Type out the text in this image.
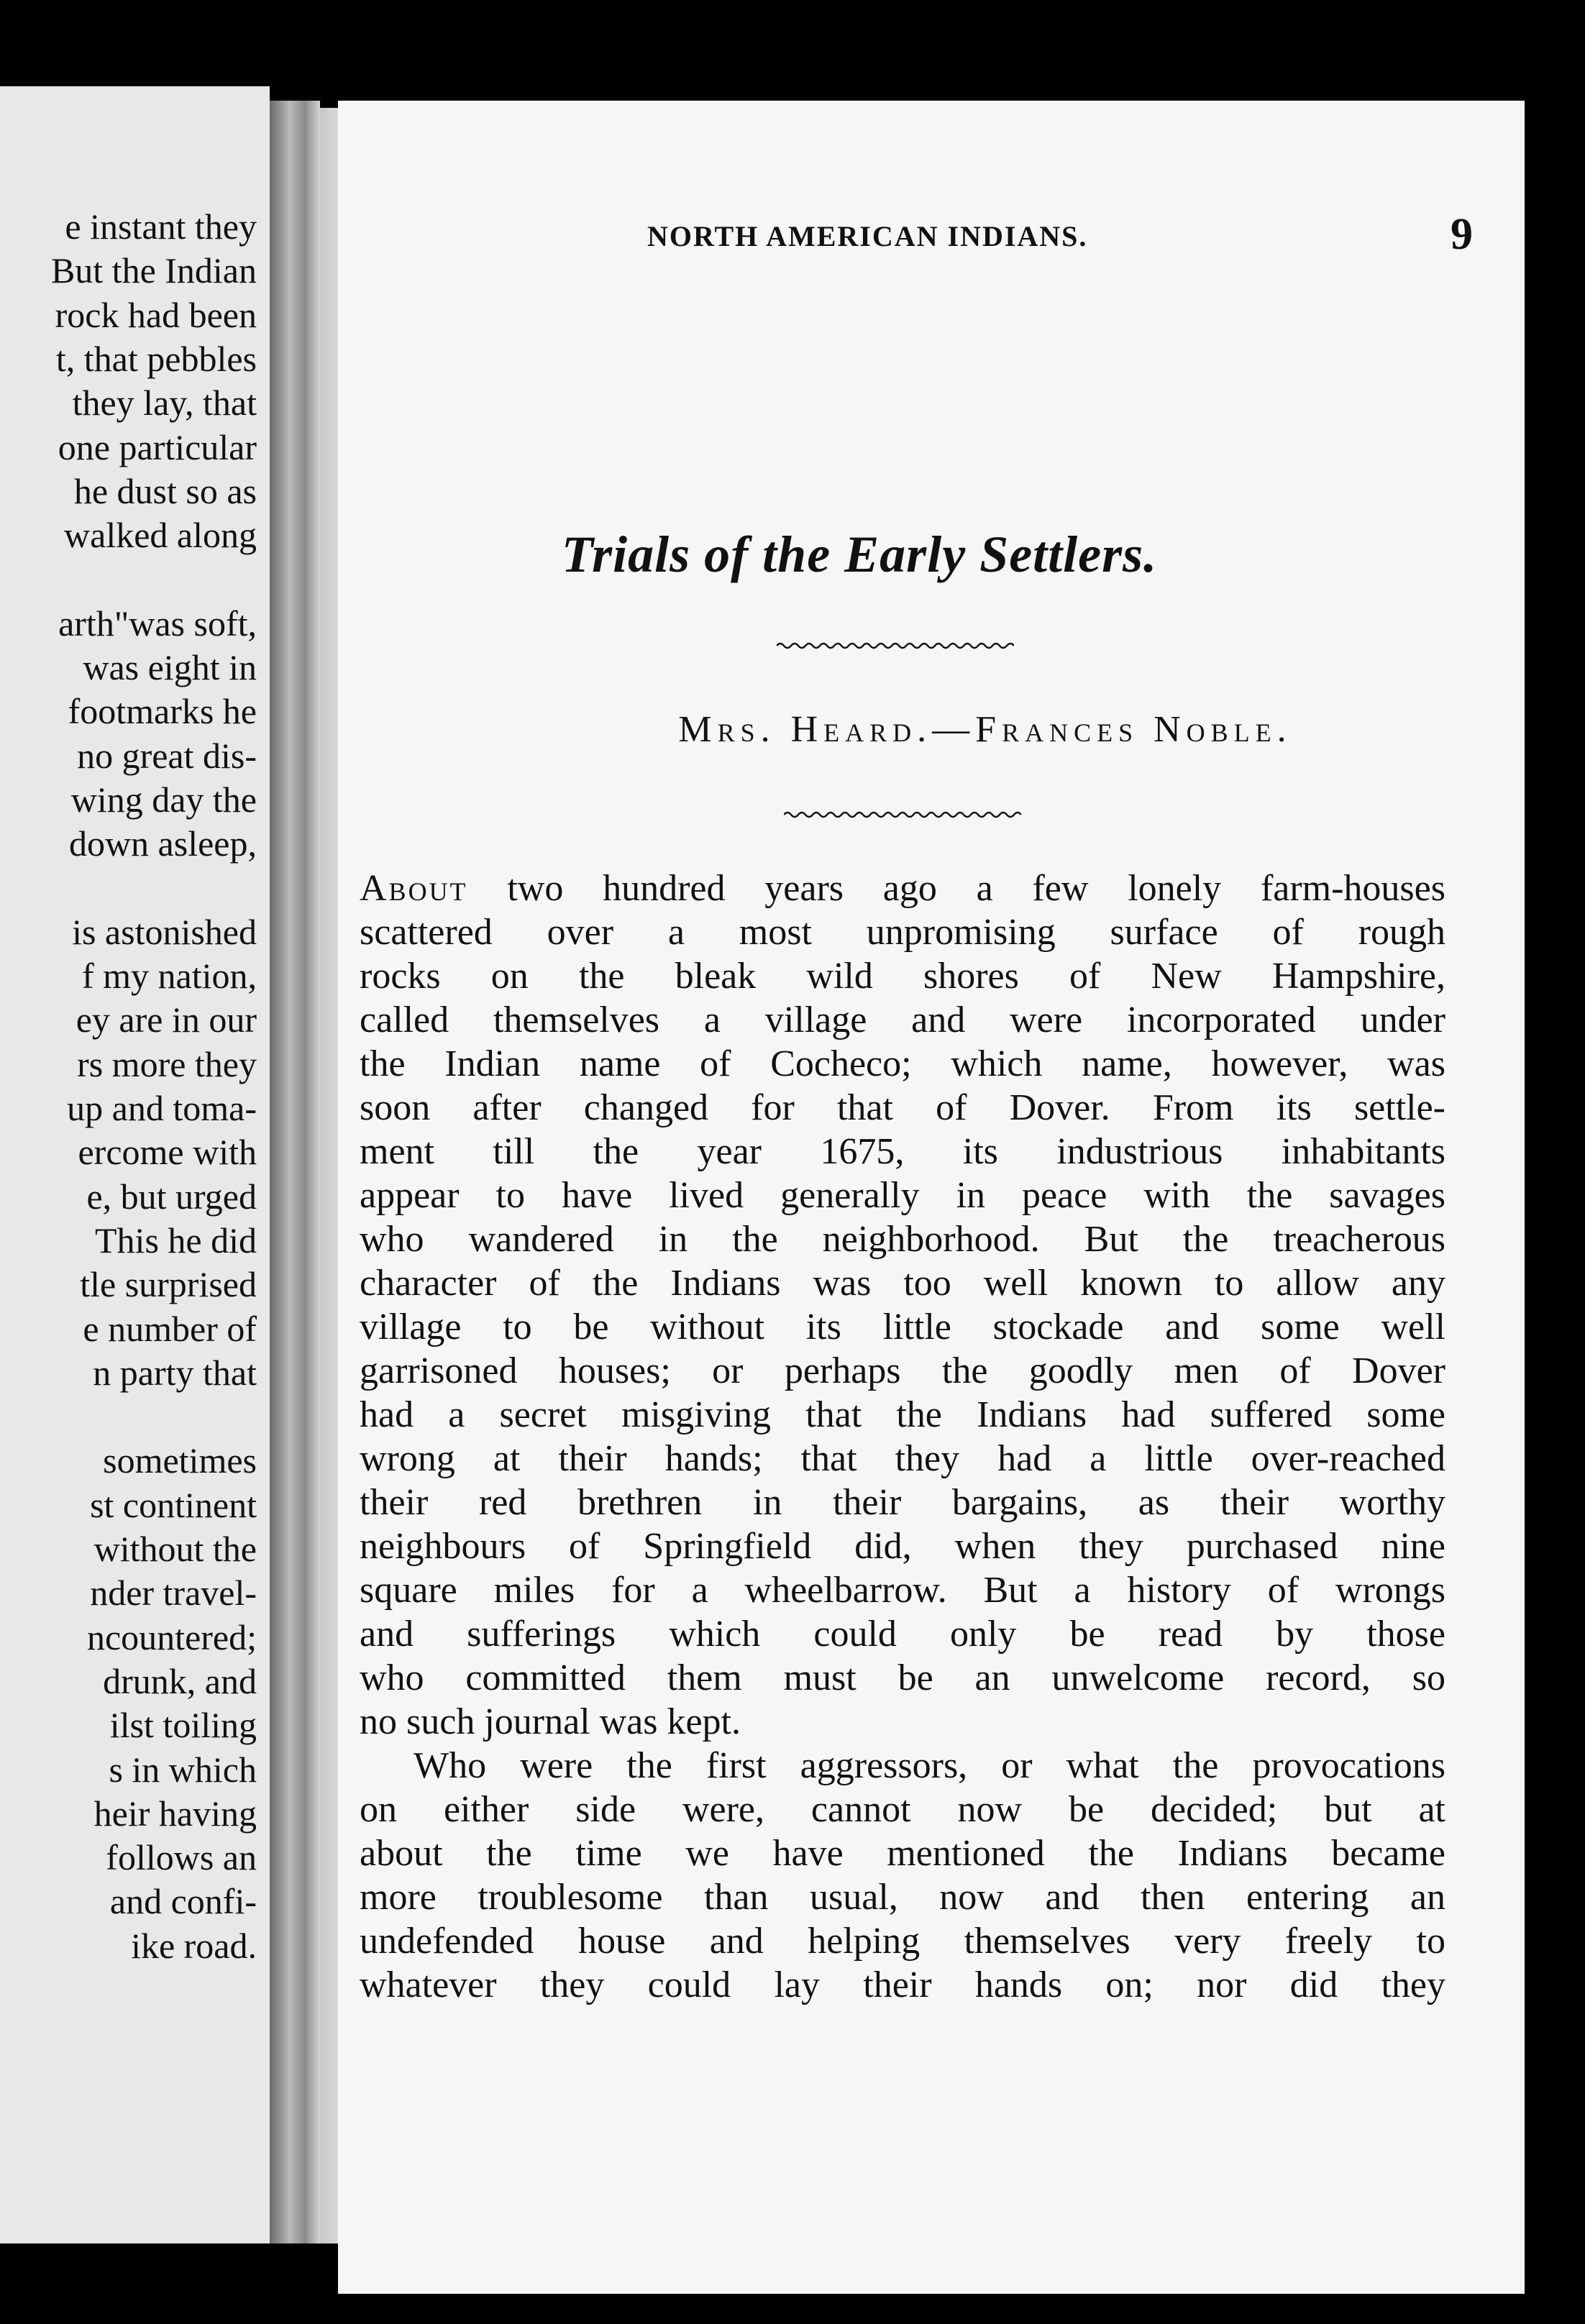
e instant they
But the Indian
rock had been
t, that pebbles
they lay, that
one particular
he dust so as
walked along
arth"was soft,
was eight in
footmarks he
no great dis-
wing day the
down asleep,
is astonished
f my nation,
ey are in our
rs more they
up and toma-
ercome with
e, but urged
This he did
tle surprised
e number of
n party that
sometimes
st continent
without the
nder travel-
ncountered;
drunk, and
ilst toiling
s in which
heir having
follows an
and confi-
ike road.
NORTH AMERICAN INDIANS.	9
Trials of the Early Settlers.
Mrs. Heard.—Frances Noble.
About two hundred years ago a few lonely farm-houses
scattered over a most unpromising surface of rough
rocks on the bleak wild shores of New Hampshire,
called themselves a village and were incorporated under
the Indian name of Cocheco; which name, however, was
soon after changed for that of Dover. From its settle-
ment till the year 1675, its industrious inhabitants
appear to have lived generally in peace with the savages
who wandered in the neighborhood. But the treacherous
character of the Indians was too well known to allow any
village to be without its little stockade and some well
garrisoned houses; or perhaps the goodly men of Dover
had a secret misgiving that the Indians had suffered some
wrong at their hands; that they had a little over-reached
their red brethren in their bargains, as their worthy
neighbours of Springfield did, when they purchased nine
square miles for a wheelbarrow. But a history of wrongs
and sufferings which could only be read by those
who committed them must be an unwelcome record, so
no such journal was kept.
Who were the first aggressors, or what the provocations
on either side were, cannot now be decided; but at
about the time we have mentioned the Indians became
more troublesome than usual, now and then entering an
undefended house and helping themselves very freely to
whatever they could lay their hands on; nor did they
